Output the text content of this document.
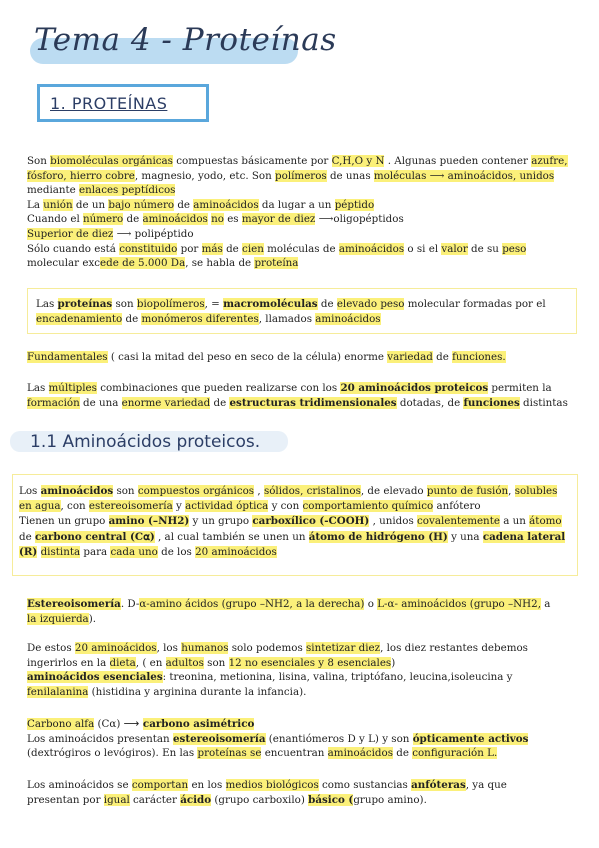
Tema 4 - Proteínas
1. PROTEÍNAS

Son biomoléculas orgánicas compuestas básicamente por C,H,O y N . Algunas pueden contener azufre,

fósforo, hierro cobre, magnesio, yodo, etc. Son polímeros de unas moléculas ⟶ aminoácidos, unidos

mediante enlaces peptídicos

La unión de un bajo número de aminoácidos da lugar a un péptido

Cuando el número de aminoácidos no es mayor de diez ⟶oligopéptidos

Superior de diez ⟶ polipéptido

Sólo cuando está constituido por más de cien moléculas de aminoácidos o si el valor de su peso

molecular excede de 5.000 Da, se habla de proteína

Las proteínas son biopolímeros, = macromoléculas de elevado peso molecular formadas por el
encadenamiento de monómeros diferentes, llamados aminoácidos

Fundamentales ( casi la mitad del peso en seco de la célula) enorme variedad de funciones.

Las múltiples combinaciones que pueden realizarse con los 20 aminoácidos proteicos permiten la

formación de una enorme variedad de estructuras tridimensionales dotadas, de funciones distintas

1.1 Aminoácidos proteicos.
Los aminoácidos son compuestos orgánicos , sólidos, cristalinos, de elevado punto de fusión, solubles
en agua, con estereoisomería y actividad óptica y con comportamiento químico anfótero
Tienen un grupo amino (–NH2) y un grupo carboxílico (-COOH) , unidos covalentemente a un átomo
de carbono central (C⍺) , al cual también se unen un átomo de hidrógeno (H) y una cadena lateral
(R) distinta para cada uno de los 20 aminoácidos

Estereoisomería. D-α-amino ácidos (grupo –NH2, a la derecha) o L-α- aminoácidos (grupo –NH2, a

la izquierda).

De estos 20 aminoácidos, los humanos solo podemos sintetizar diez, los diez restantes debemos

ingerirlos en la dieta, ( en adultos son 12 no esenciales y 8 esenciales)

aminoácidos esenciales: treonina, metionina, lisina, valina, triptófano, leucina,isoleucina y

fenilalanina (histidina y arginina durante la infancia).

Carbono alfa (Cα) ⟶ carbono asimétrico

Los aminoácidos presentan estereoisomería (enantiómeros D y L) y son ópticamente activos

(dextrógiros o levógiros). En las proteínas se encuentran aminoácidos de configuración L.

Los aminoácidos se comportan en los medios biológicos como sustancias anfóteras, ya que

presentan por igual carácter ácido (grupo carboxilo) básico (grupo amino).
